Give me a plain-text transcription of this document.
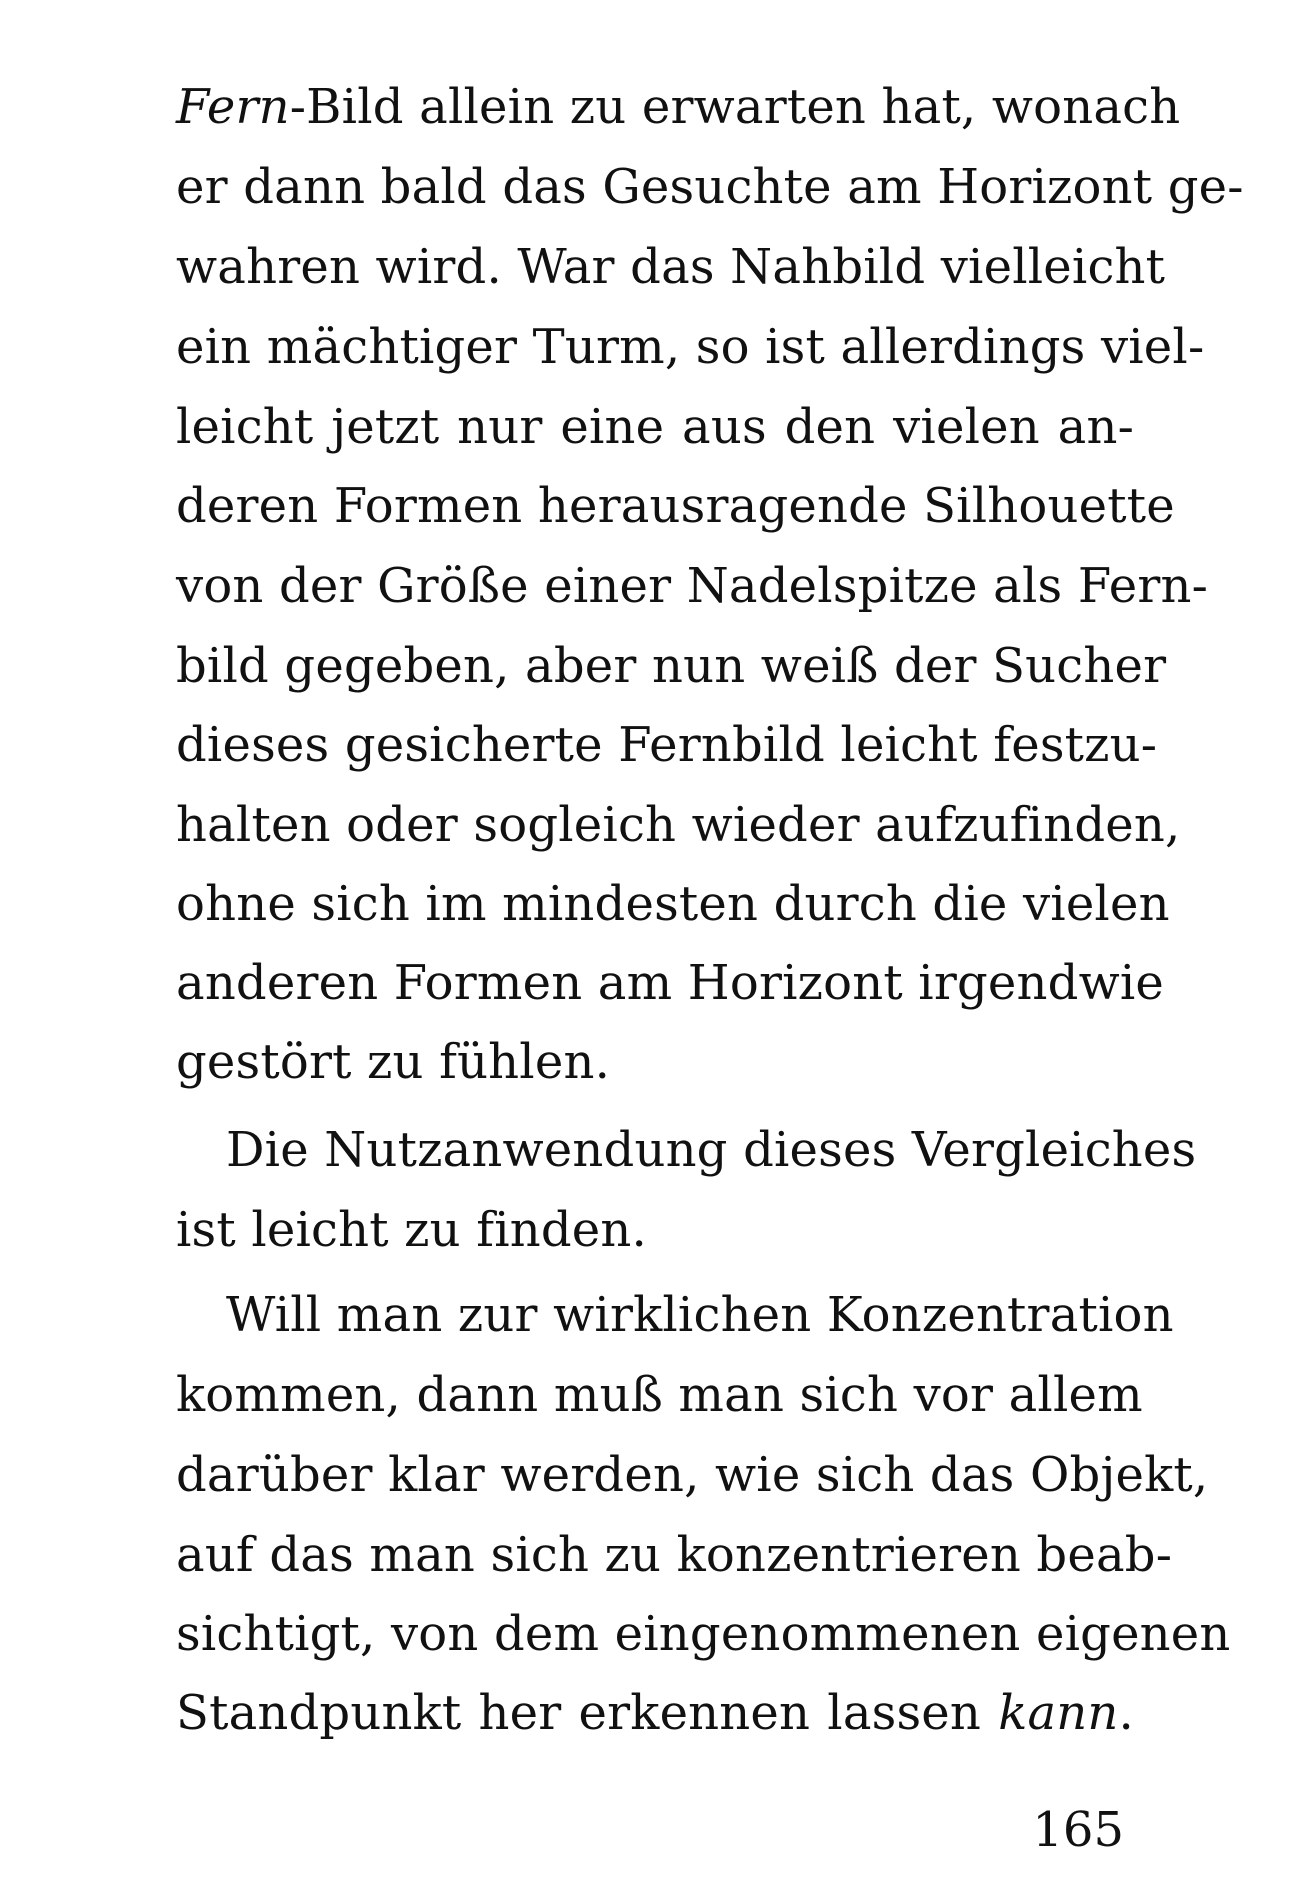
Fern-Bild allein zu erwarten hat, wonach
er dann bald das Gesuchte am Horizont ge-
wahren wird. War das Nahbild vielleicht
ein mächtiger Turm, so ist allerdings viel-
leicht jetzt nur eine aus den vielen an-
deren Formen herausragende Silhouette
von der Größe einer Nadelspitze als Fern-
bild gegeben, aber nun weiß der Sucher
dieses gesicherte Fernbild leicht festzu-
halten oder sogleich wieder aufzufinden,
ohne sich im mindesten durch die vielen
anderen Formen am Horizont irgendwie
gestört zu fühlen.
Die Nutzanwendung dieses Vergleiches
ist leicht zu finden.
Will man zur wirklichen Konzentration
kommen, dann muß man sich vor allem
darüber klar werden, wie sich das Objekt,
auf das man sich zu konzentrieren beab-
sichtigt, von dem eingenommenen eigenen
Standpunkt her erkennen lassen kann.
165
